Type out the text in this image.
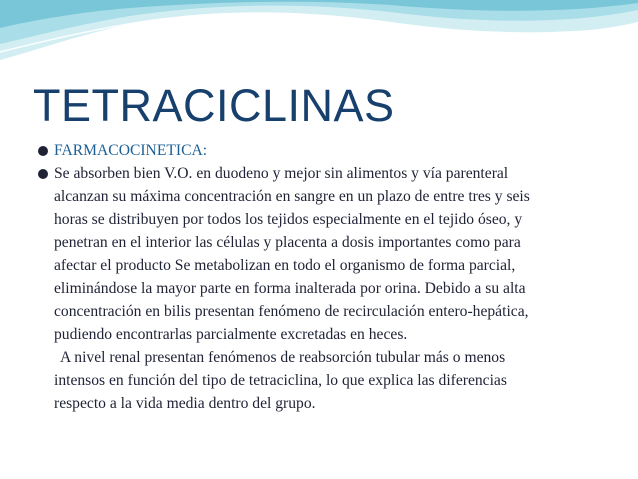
TETRACICLINAS
FARMACOCINETICA:
Se absorben bien V.O. en duodeno y mejor sin alimentos y vía parenteral
alcanzan su máxima concentración en sangre en un plazo de entre tres y seis
horas se distribuyen por todos los tejidos especialmente en el tejido óseo, y
penetran en el interior las células y placenta a dosis importantes como para
afectar el producto Se metabolizan en todo el organismo de forma parcial,
eliminándose la mayor parte en forma inalterada por orina. Debido a su alta
concentración en bilis presentan fenómeno de recirculación entero-hepática,
pudiendo encontrarlas parcialmente excretadas en heces.
A nivel renal presentan fenómenos de reabsorción tubular más o menos
intensos en función del tipo de tetraciclina, lo que explica las diferencias
respecto a la vida media dentro del grupo.
